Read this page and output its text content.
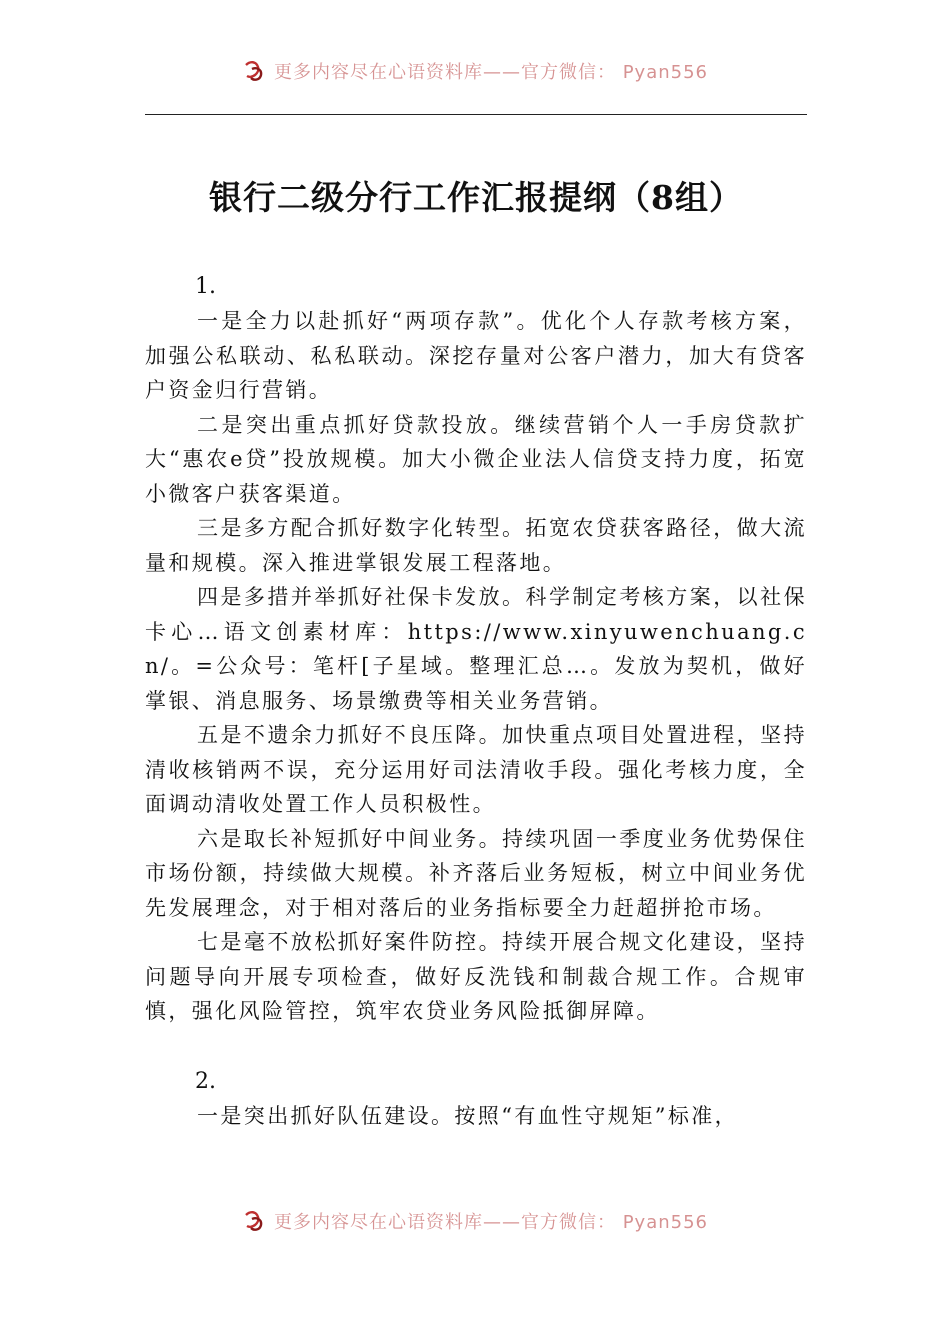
更多内容尽在心语资料库——官方微信： Pyan556
银行二级分行工作汇报提纲（8组）
1.

一是全力以赴抓好“两项存款”。优化个人存款考核方案，加强公私联动、私私联动。深挖存量对公客户潜力，加大有贷客户资金归行营销。

二是突出重点抓好贷款投放。继续营销个人一手房贷款扩大“惠农e贷”投放规模。加大小微企业法人信贷支持力度，拓宽小微客户获客渠道。

三是多方配合抓好数字化转型。拓宽农贷获客路径，做大流量和规模。深入推进掌银发展工程落地。

四是多措并举抓好社保卡发放。科学制定考核方案，以社保卡心…语文创素材库：https://www.xinyuwenchuang.cn/。=公众号：笔杆[子星域。整理汇总…。发放为契机，做好掌银、消息服务、场景缴费等相关业务营销。

五是不遗余力抓好不良压降。加快重点项目处置进程，坚持清收核销两不误，充分运用好司法清收手段。强化考核力度，全面调动清收处置工作人员积极性。

六是取长补短抓好中间业务。持续巩固一季度业务优势保住市场份额，持续做大规模。补齐落后业务短板，树立中间业务优先发展理念，对于相对落后的业务指标要全力赶超拼抢市场。

七是毫不放松抓好案件防控。持续开展合规文化建设，坚持问题导向开展专项检查，做好反洗钱和制裁合规工作。合规审慎，强化风险管控，筑牢农贷业务风险抵御屏障。

2.

一是突出抓好队伍建设。按照“有血性守规矩”标准，

更多内容尽在心语资料库——官方微信： Pyan556
